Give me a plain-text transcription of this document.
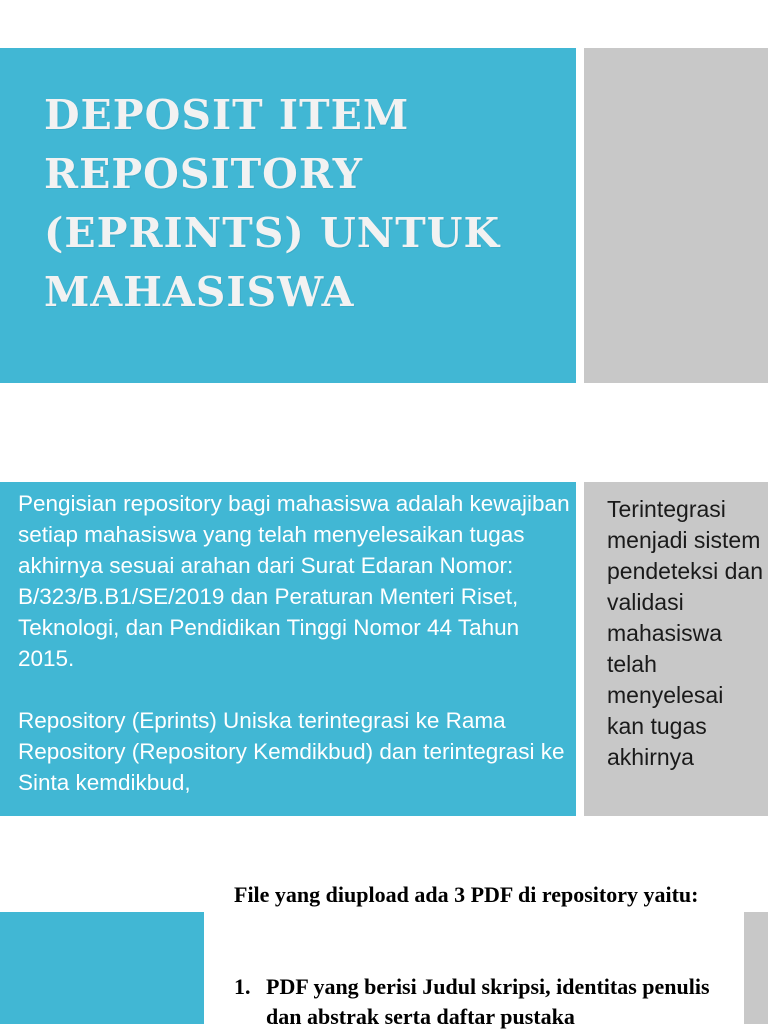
DEPOSIT ITEM REPOSITORY (EPRINTS) UNTUK MAHASISWA

Pengisian repository bagi mahasiswa adalah kewajiban setiap mahasiswa yang telah menyelesaikan tugas akhirnya sesuai arahan dari Surat Edaran Nomor: B/323/B.B1/SE/2019 dan Peraturan Menteri Riset, Teknologi, dan Pendidikan Tinggi Nomor 44 Tahun 2015.

Repository (Eprints) Uniska terintegrasi ke Rama Repository (Repository Kemdikbud) dan terintegrasi ke Sinta kemdikbud,

Terintegrasi menjadi sistem pendeteksi dan validasi mahasiswa telah menyelesai kan tugas akhirnya

File yang diupload ada 3 PDF di repository yaitu:

1. PDF yang berisi Judul skripsi, identitas penulis dan abstrak serta daftar pustaka
